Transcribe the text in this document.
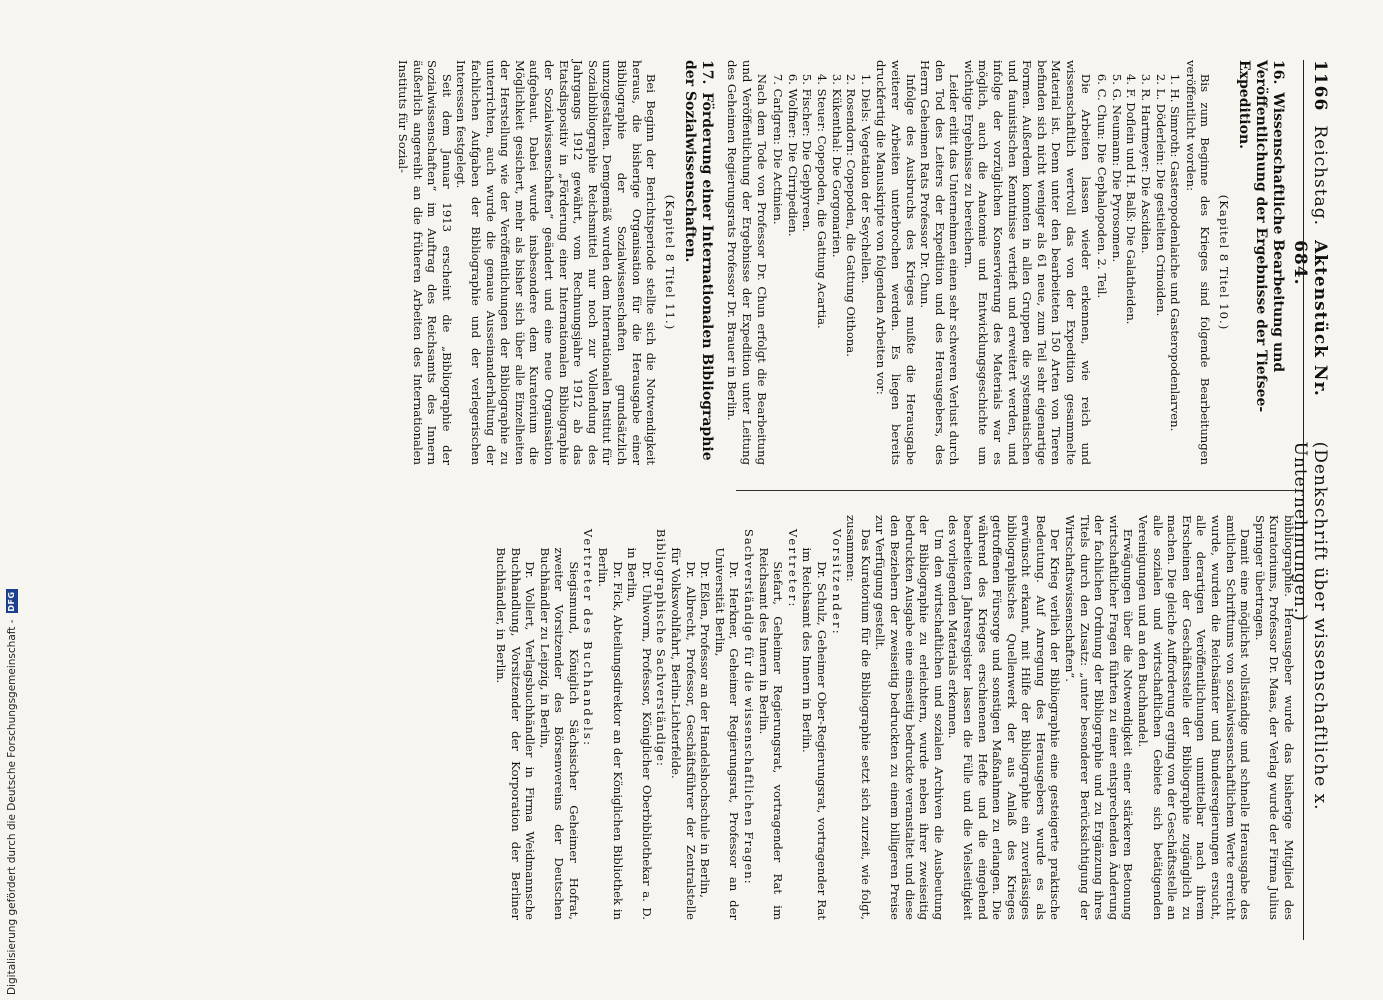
1166
Reichstag.
Aktenstück Nr. 684.
(Denkschrift über wissenschaftliche x. Unternehmungen.)
16.Wissenschaftliche Bearbeitung und Veröffentlichung der Ergebnisse der Tiefsee-Expedition.
(Kapitel 8 Titel 10.)

Bis zum Beginne des Krieges sind folgende Bearbeitungen veröffentlicht worden:

1. H. Simroth: Gasteropodenlaiche und Gasteropodenlarven.
2. L. Döderlein: Die gestielten Crinoiden.
3. R. Hartmeyer: Die Ascidien.
4. F. Doflein und H. Balß: Die Galatheiden.
5. G. Neumann: Die Pyrosomen.
6. C. Chun: Die Cephalopoden. 2. Teil.

Die Arbeiten lassen wieder erkennen, wie reich und wissenschaftlich wertvoll das von der Expedition gesammelte Material ist. Denn unter den bearbeiteten 150 Arten von Tieren befinden sich nicht weniger als 61 neue, zum Teil sehr eigenartige Formen. Außerdem konnten in allen Gruppen die systematischen und faunistischen Kenntnisse vertieft und erweitert werden, und infolge der vorzüglichen Konservierung des Materials war es möglich, auch die Anatomie und Entwicklungsgeschichte um wichtige Ergebnisse zu bereichern.

Leider erlitt das Unternehmen einen sehr schweren Verlust durch den Tod des Leiters der Expedition und des Herausgebers, des Herrn Geheimen Rats Professor Dr. Chun.

Infolge des Ausbruchs des Krieges mußte die Herausgabe weiterer Arbeiten unterbrochen werden. Es liegen bereits druckfertig die Manuskripte von folgenden Arbeiten vor:

1. Diels: Vegetation der Seychellen.
2. Rosendorn: Copepoden, die Gattung Oithona.
3. Kükenthal: Die Gorgonarien.
4. Steuer: Copepoden, die Gattung Acartia.
5. Fischer: Die Gephyreen.
6. Wolfner: Die Cirripedien.
7. Carlgren: Die Actinien.

Nach dem Tode von Professor Dr. Chun erfolgt die Bearbeitung und Veröffentlichung der Ergebnisse der Expedition unter Leitung des Geheimen Regierungsrats Professor Dr. Brauer in Berlin.

17.Förderung einer Internationalen Bibliographie der Sozialwissenschaften.
(Kapitel 8 Titel 11.)

Bei Beginn der Berichtsperiode stellte sich die Notwendigkeit heraus, die bisherige Organisation für die Herausgabe einer Bibliographie der Sozialwissenschaften grundsätzlich umzugestalten. Demgemäß wurden dem Internationalen Institut für Sozialbibliographie Reichsmittel nur noch zur Vollendung des Jahrgangs 1912 gewährt, vom Rechnungsjahre 1912 ab das Etatsdispositiv in „Förderung einer Internationalen Bibliographie der Sozialwissenschaften“ geändert und eine neue Organisation aufgebaut. Dabei wurde insbesondere dem Kuratorium die Möglichkeit gesichert, mehr als bisher sich über alle Einzelheiten der Herstellung wie der Veröffentlichungen der Bibliographie zu unterrichten, auch wurde die genaue Ausseinanderhaltung der fachlichen Aufgaben der Bibliographie und der verlegerischen Interessen festgelegt.

Seit dem Januar 1913 erscheint die „Bibliographie der Sozialwissenschaften“ im Auftrag des Reichsamts des Innern äußerlich angereiht an die früheren Arbeiten des Internationalen Instituts für Sozial-

bibliographie. Herausgeber wurde das bisherige Mitglied des Kuratoriums, Professor Dr. Maas, der Verlag wurde der Firma Julius Springer übertragen.

Damit eine möglichst vollständige und schnelle Herausgabe des amtlichen Schrifttums von sozialwissenschaftlichem Werte erreicht wurde, wurden die Reichsämter und Bundesregierungen ersucht, alle derartigen Veröffentlichungen unmittelbar nach ihrem Erscheinen der Geschäftsstelle der Bibliographie zugänglich zu machen. Die gleiche Aufforderung erging von der Geschäftsstelle an alle sozialen und wirtschaftlichen Gebiete sich betätigenden Vereinigungen und an den Buchhandel.

Erwägungen über die Notwendigkeit einer stärkeren Betonung wirtschaftlicher Fragen führten zu einer entsprechenden Änderung der fachlichen Ordnung der Bibliographie und zu Ergänzung ihres Titels durch den Zusatz: „unter besonderer Berücksichtigung der Wirtschaftswissenschaften“.

Der Krieg verlieh der Bibliographie eine gesteigerte praktische Bedeutung. Auf Anregung des Herausgebers wurde es als erwünscht erkannt, mit Hilfe der Bibliographie ein zuverlässiges bibliographisches Quellenwerk der aus Anlaß des Krieges getroffenen Fürsorge und sonstigen Maßnahmen zu erlangen. Die während des Krieges erschienenen Hefte und die eingehend bearbeiteten Jahresregister lassen die Fülle und die Vielseitigkeit des vorliegenden Materials erkennen.

Um den wirtschaftlichen und sozialen Archiven die Ausbeutung der Bibliographie zu erleichtern, wurde neben ihrer zweiseitig bedruckten Ausgabe eine einseitig bedruckte veranstaltet und diese den Beziehern der zweiseitig bedruckten zu einem billigeren Preise zur Verfügung gestellt.

Das Kuratorium für die Bibliographie setzt sich zurzeit, wie folgt, zusammen:

Vorsitzender:

Dr. Schulz, Geheimer Ober-Regierungsrat, vortragender Rat im Reichsamt des Innern in Berlin.

Vertreter:

Siefart, Geheimer Regierungsrat, vortragender Rat im Reichsamt des Innern in Berlin.

Sachverständige für die wissenschaftlichen Fragen:

Dr. Herkner, Geheimer Regierungsrat, Professor an der Universität Berlin,

Dr. Eßlen, Professor an der Handelshochschule in Berlin,

Dr. Albrecht, Professor, Geschäftsführer der Zentralstelle für Volkswohlfahrt, Berlin-Lichterfelde.

Bibliographische Sachverständige:

Dr. Uhlworm, Professor, Königlicher Oberbibliothekar a. D. in Berlin,

Dr. Fick, Abteilungsdirektor an der Königlichen Bibliothek in Berlin.

Vertreter des Buchhandels:

Siegismund, Königlich Sächsischer Geheimer Hofrat, zweiter Vorsitzender des Börsenvereins der Deutschen Buchhändler zu Leipzig, in Berlin,

Dr. Vollert, Verlagsbuchhändler in Firma Weidmannsche Buchhandlung, Vorsitzender der Korporation der Berliner Buchhändler, in Berlin.

Digitalisierung gefördert durch die Deutsche Forschungsgemeinschaft -
DFG
